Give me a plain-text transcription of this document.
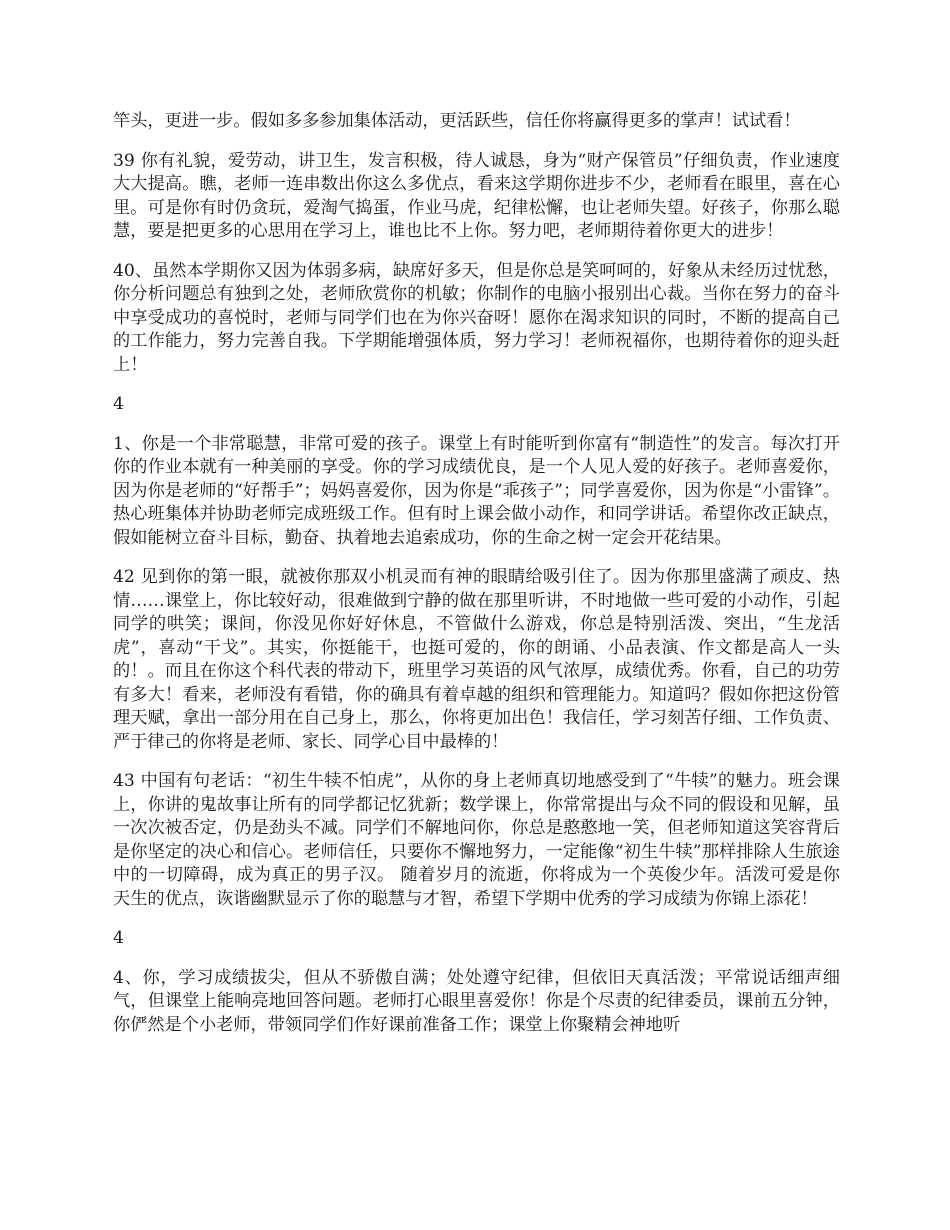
竿头，更进一步。假如多多参加集体活动，更活跃些，信任你将赢得更多的掌声！试试看！

39 你有礼貌，爱劳动，讲卫生，发言积极，待人诚恳，身为“财产保管员”仔细负责，作业速度大大提高。瞧，老师一连串数出你这么多优点，看来这学期你进步不少，老师看在眼里，喜在心里。可是你有时仍贪玩，爱淘气捣蛋，作业马虎，纪律松懈，也让老师失望。好孩子，你那么聪慧，要是把更多的心思用在学习上，谁也比不上你。努力吧，老师期待着你更大的进步！

40、虽然本学期你又因为体弱多病，缺席好多天，但是你总是笑呵呵的，好象从未经历过忧愁，你分析问题总有独到之处，老师欣赏你的机敏；你制作的电脑小报别出心裁。当你在努力的奋斗中享受成功的喜悦时，老师与同学们也在为你兴奋呀！愿你在渴求知识的同时，不断的提高自己的工作能力，努力完善自我。下学期能增强体质，努力学习！老师祝福你，也期待着你的迎头赶上！

4

1、你是一个非常聪慧，非常可爱的孩子。课堂上有时能听到你富有“制造性”的发言。每次打开你的作业本就有一种美丽的享受。你的学习成绩优良，是一个人见人爱的好孩子。老师喜爱你，因为你是老师的“好帮手”；妈妈喜爱你，因为你是“乖孩子”；同学喜爱你，因为你是“小雷锋”。热心班集体并协助老师完成班级工作。但有时上课会做小动作，和同学讲话。希望你改正缺点，假如能树立奋斗目标，勤奋、执着地去追索成功，你的生命之树一定会开花结果。

42 见到你的第一眼，就被你那双小机灵而有神的眼睛给吸引住了。因为你那里盛满了顽皮、热情……课堂上，你比较好动，很难做到宁静的做在那里听讲，不时地做一些可爱的小动作，引起同学的哄笑；课间，你没见你好好休息，不管做什么游戏，你总是特别活泼、突出，“生龙活虎”，喜动“干戈”。其实，你挺能干，也挺可爱的，你的朗诵、小品表演、作文都是高人一头的！。而且在你这个科代表的带动下，班里学习英语的风气浓厚，成绩优秀。你看，自己的功劳有多大！看来，老师没有看错，你的确具有着卓越的组织和管理能力。知道吗？假如你把这份管理天赋，拿出一部分用在自己身上，那么，你将更加出色！我信任，学习刻苦仔细、工作负责、严于律己的你将是老师、家长、同学心目中最棒的！

43 中国有句老话：“初生牛犊不怕虎”，从你的身上老师真切地感受到了“牛犊”的魅力。班会课上，你讲的鬼故事让所有的同学都记忆犹新；数学课上，你常常提出与众不同的假设和见解，虽一次次被否定，仍是劲头不减。同学们不解地问你，你总是憨憨地一笑，但老师知道这笑容背后是你坚定的决心和信心。老师信任，只要你不懈地努力，一定能像“初生牛犊”那样排除人生旅途中的一切障碍，成为真正的男子汉。 随着岁月的流逝，你将成为一个英俊少年。活泼可爱是你天生的优点，诙谐幽默显示了你的聪慧与才智，希望下学期中优秀的学习成绩为你锦上添花！

4

4、你，学习成绩拔尖，但从不骄傲自满；处处遵守纪律，但依旧天真活泼；平常说话细声细气，但课堂上能响亮地回答问题。老师打心眼里喜爱你！你是个尽责的纪律委员，课前五分钟，你俨然是个小老师，带领同学们作好课前准备工作；课堂上你聚精会神地听
